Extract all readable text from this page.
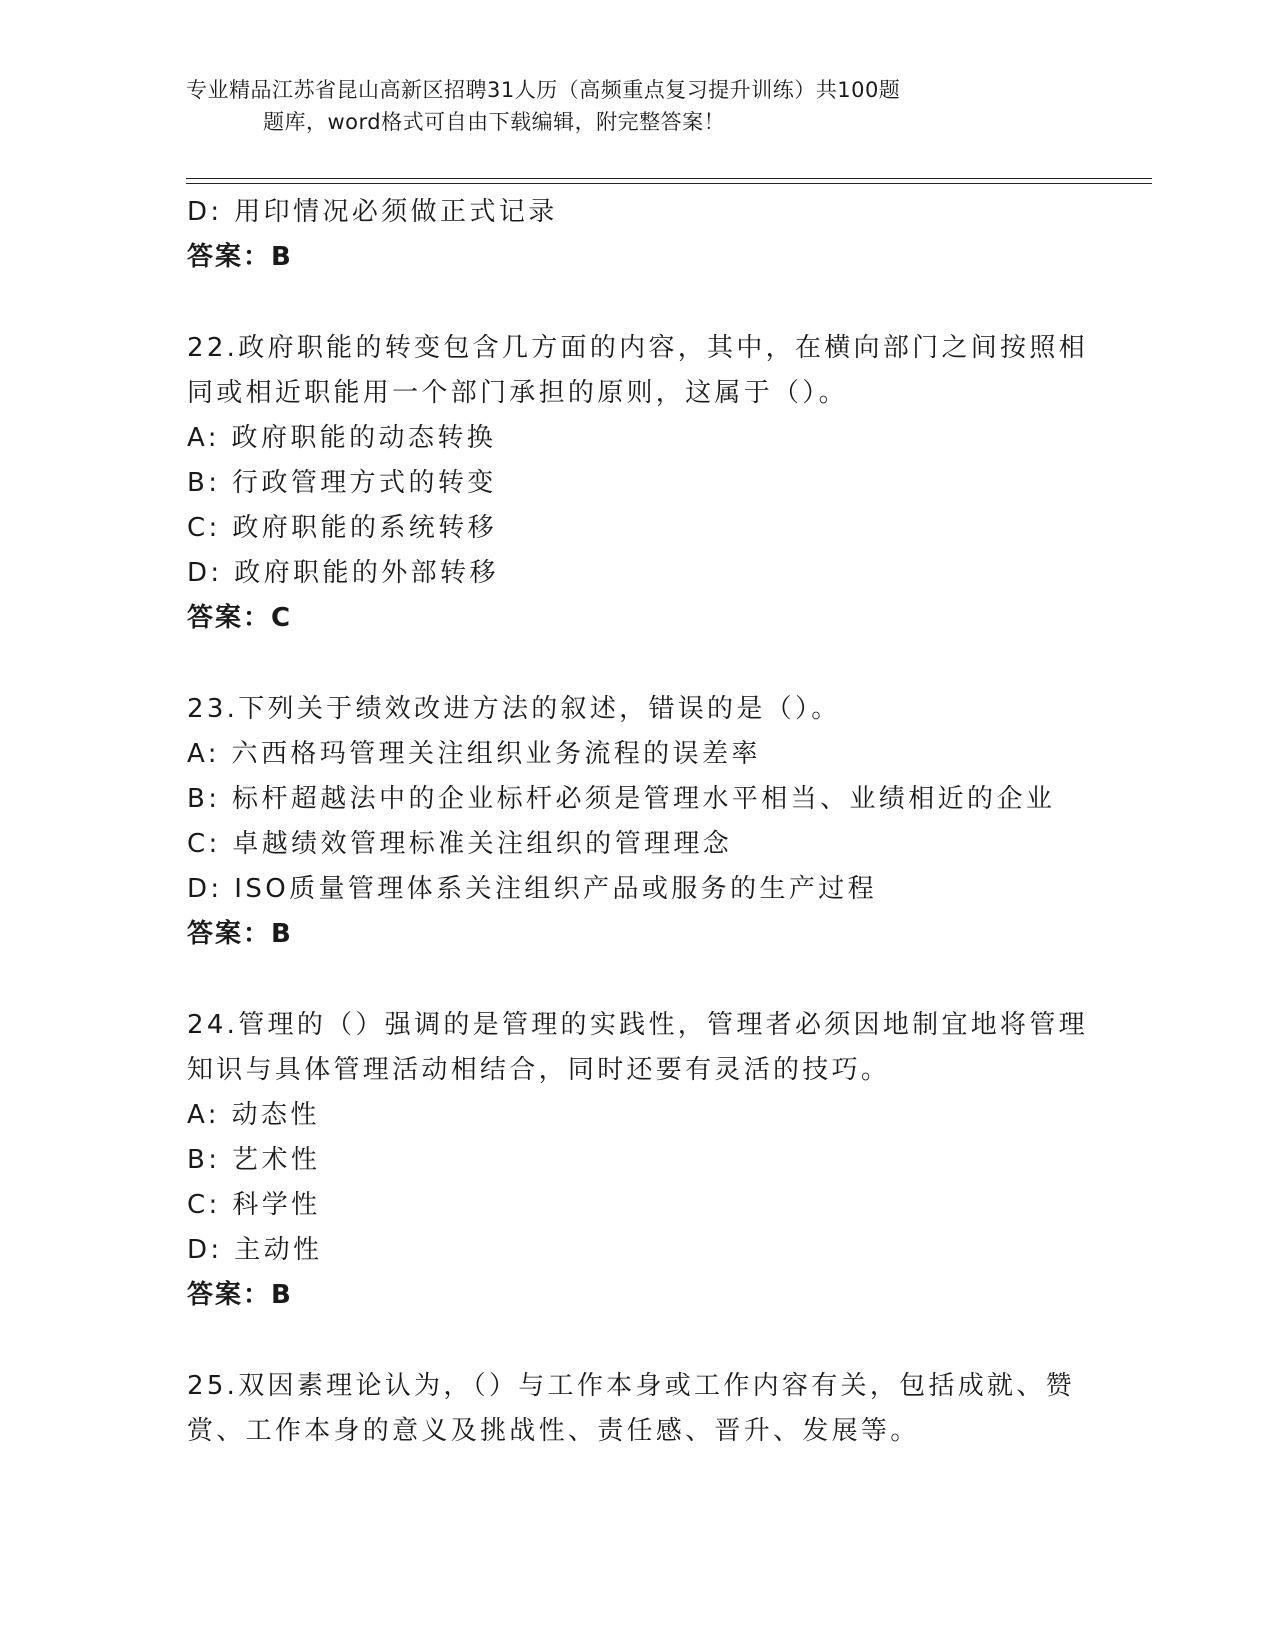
专业精品江苏省昆山高新区招聘31人历（高频重点复习提升训练）共100题
题库，word格式可自由下载编辑，附完整答案！
D: 用印情况必须做正式记录
答案：B
22.政府职能的转变包含几方面的内容，其中，在横向部门之间按照相
同或相近职能用一个部门承担的原则，这属于（）。
A: 政府职能的动态转换
B: 行政管理方式的转变
C: 政府职能的系统转移
D: 政府职能的外部转移
答案：C
23.下列关于绩效改进方法的叙述，错误的是（）。
A: 六西格玛管理关注组织业务流程的误差率
B: 标杆超越法中的企业标杆必须是管理水平相当、业绩相近的企业
C: 卓越绩效管理标准关注组织的管理理念
D: ISO质量管理体系关注组织产品或服务的生产过程
答案：B
24.管理的（）强调的是管理的实践性，管理者必须因地制宜地将管理
知识与具体管理活动相结合，同时还要有灵活的技巧。
A: 动态性
B: 艺术性
C: 科学性
D: 主动性
答案：B
25.双因素理论认为，（）与工作本身或工作内容有关，包括成就、赞
赏、工作本身的意义及挑战性、责任感、晋升、发展等。
